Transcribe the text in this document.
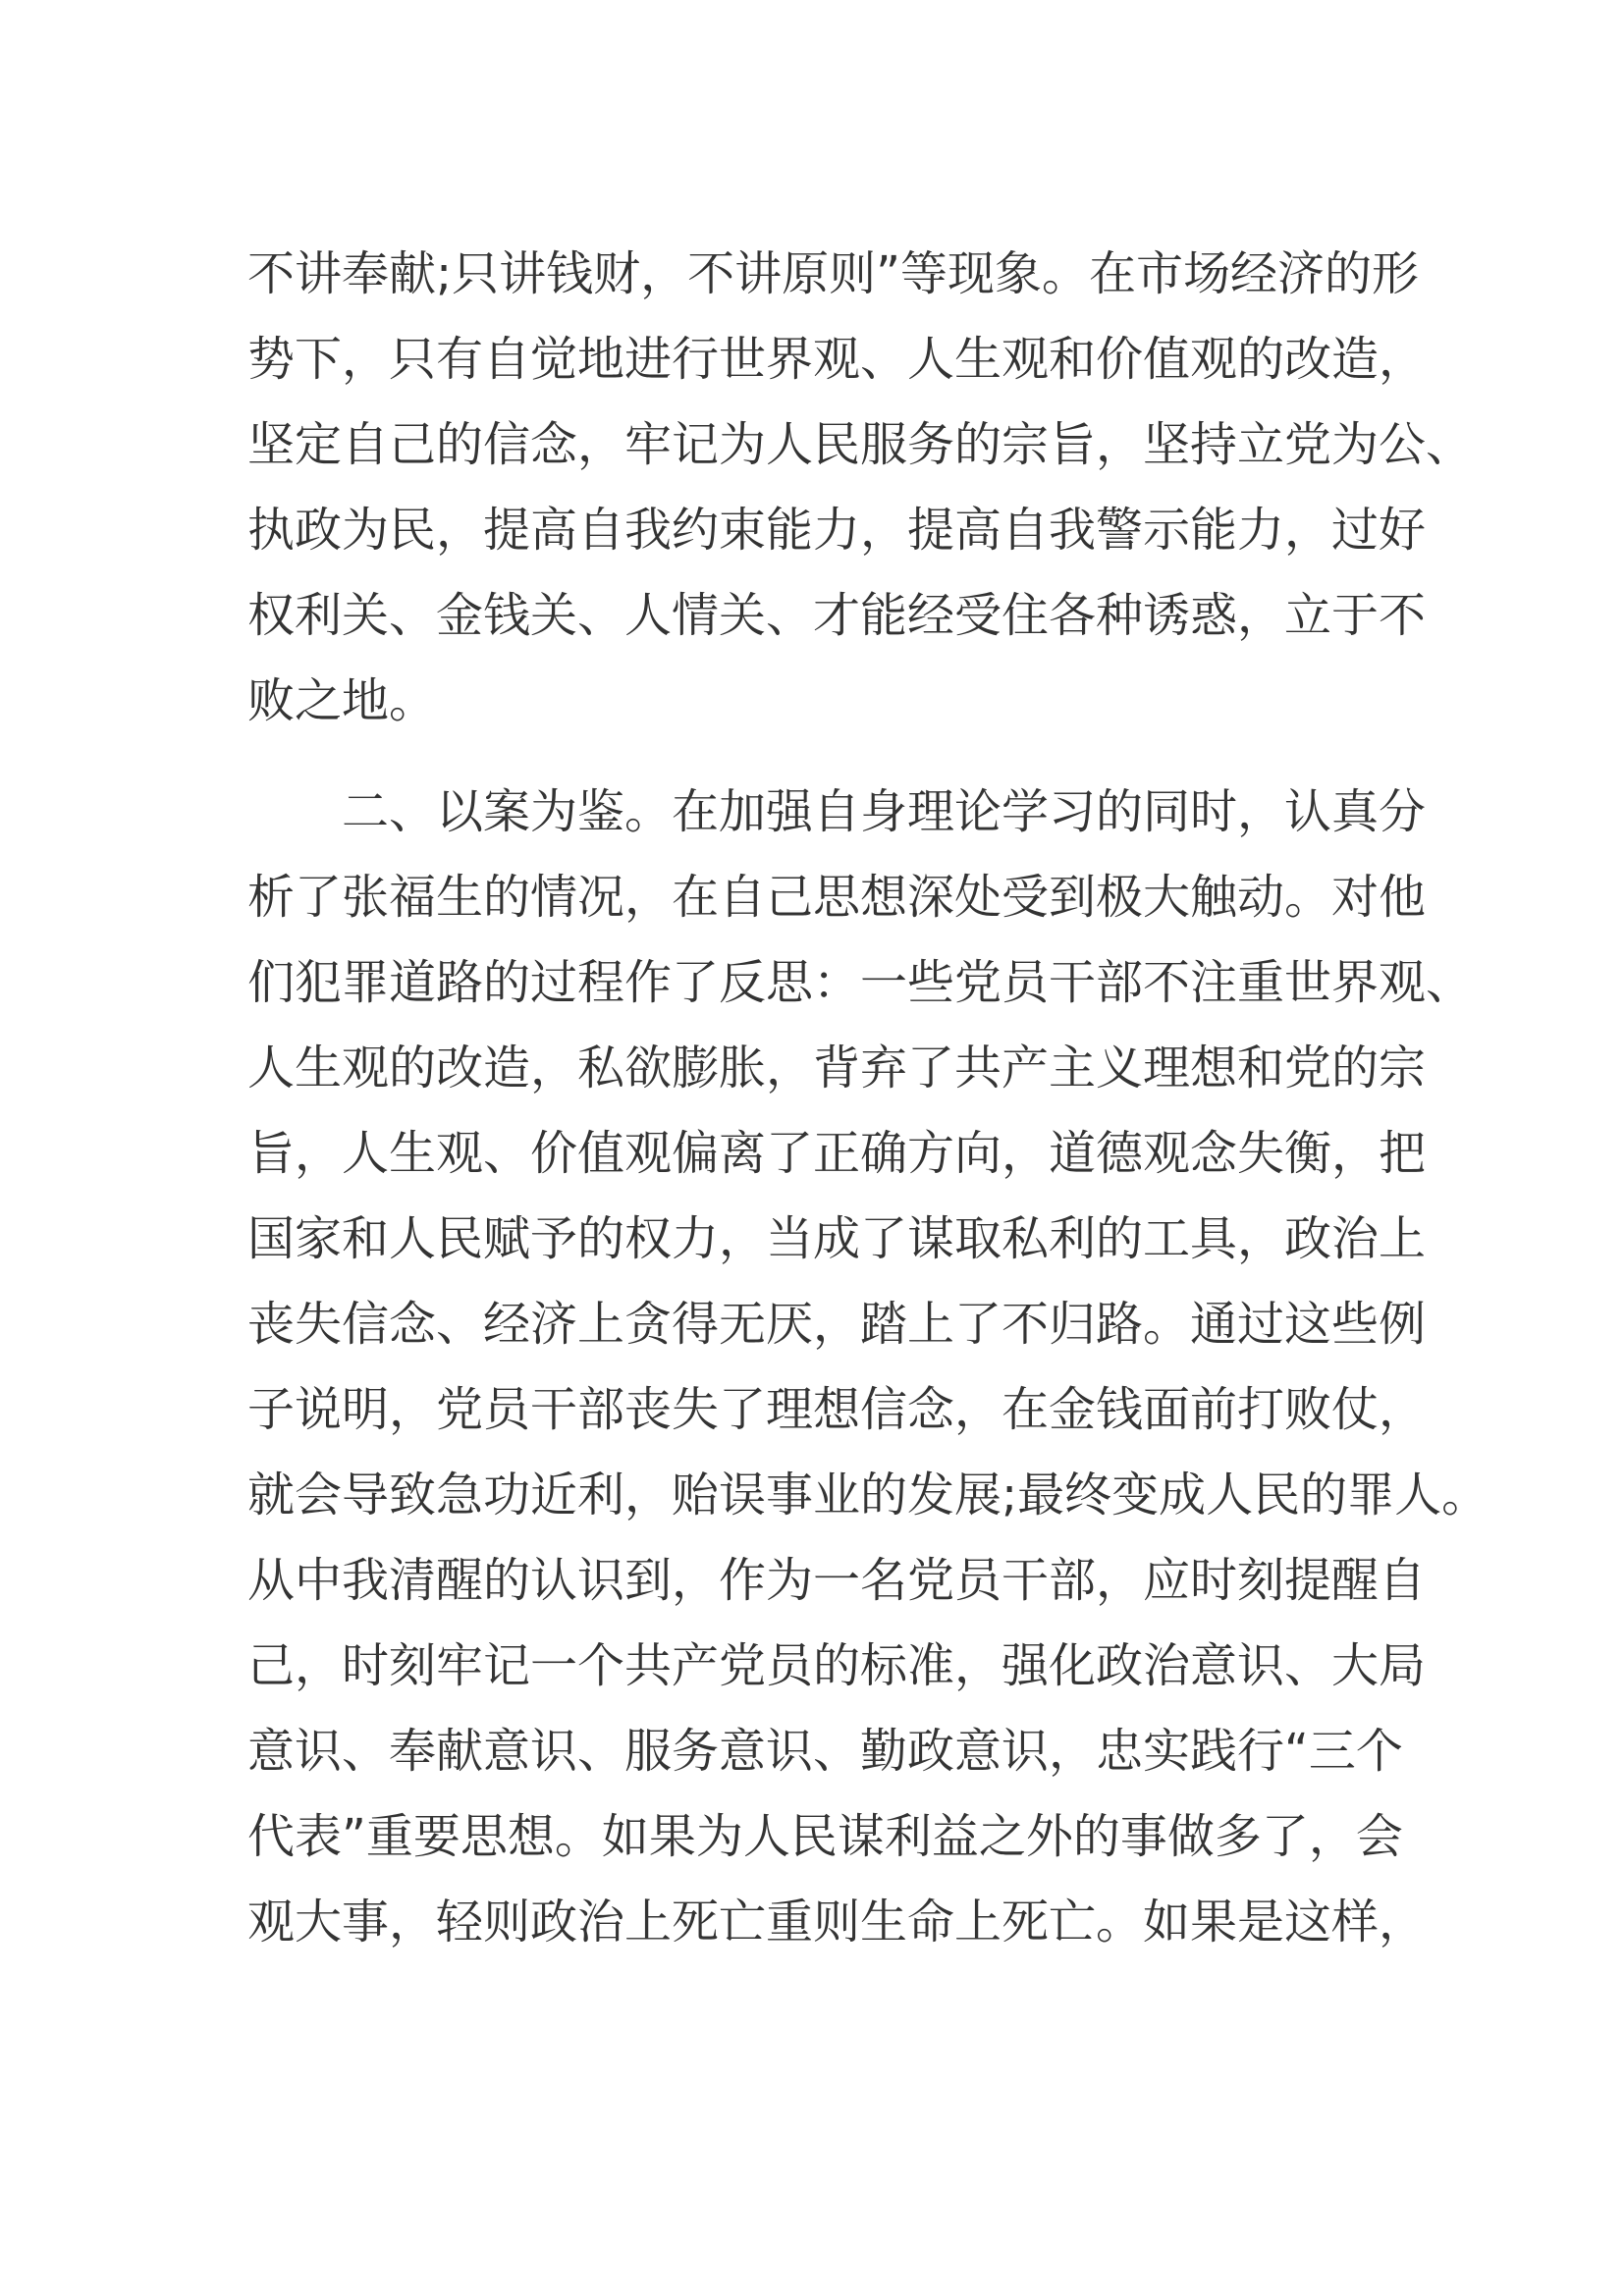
不讲奉献;只讲钱财，不讲原则”等现象。在市场经济的形
势下，只有自觉地进行世界观、人生观和价值观的改造，
坚定自己的信念，牢记为人民服务的宗旨，坚持立党为公、
执政为民，提高自我约束能力，提高自我警示能力，过好
权利关、金钱关、人情关、才能经受住各种诱惑，立于不
败之地。

　　二、以案为鉴。在加强自身理论学习的同时，认真分
析了张福生的情况，在自己思想深处受到极大触动。对他
们犯罪道路的过程作了反思：一些党员干部不注重世界观、
人生观的改造，私欲膨胀，背弃了共产主义理想和党的宗
旨，人生观、价值观偏离了正确方向，道德观念失衡，把
国家和人民赋予的权力，当成了谋取私利的工具，政治上
丧失信念、经济上贪得无厌，踏上了不归路。通过这些例
子说明，党员干部丧失了理想信念，在金钱面前打败仗，
就会导致急功近利，贻误事业的发展;最终变成人民的罪人。
从中我清醒的认识到，作为一名党员干部，应时刻提醒自
己，时刻牢记一个共产党员的标准，强化政治意识、大局
意识、奉献意识、服务意识、勤政意识，忠实践行“三个
代表”重要思想。如果为人民谋利益之外的事做多了，会
观大事，轻则政治上死亡重则生命上死亡。如果是这样，
